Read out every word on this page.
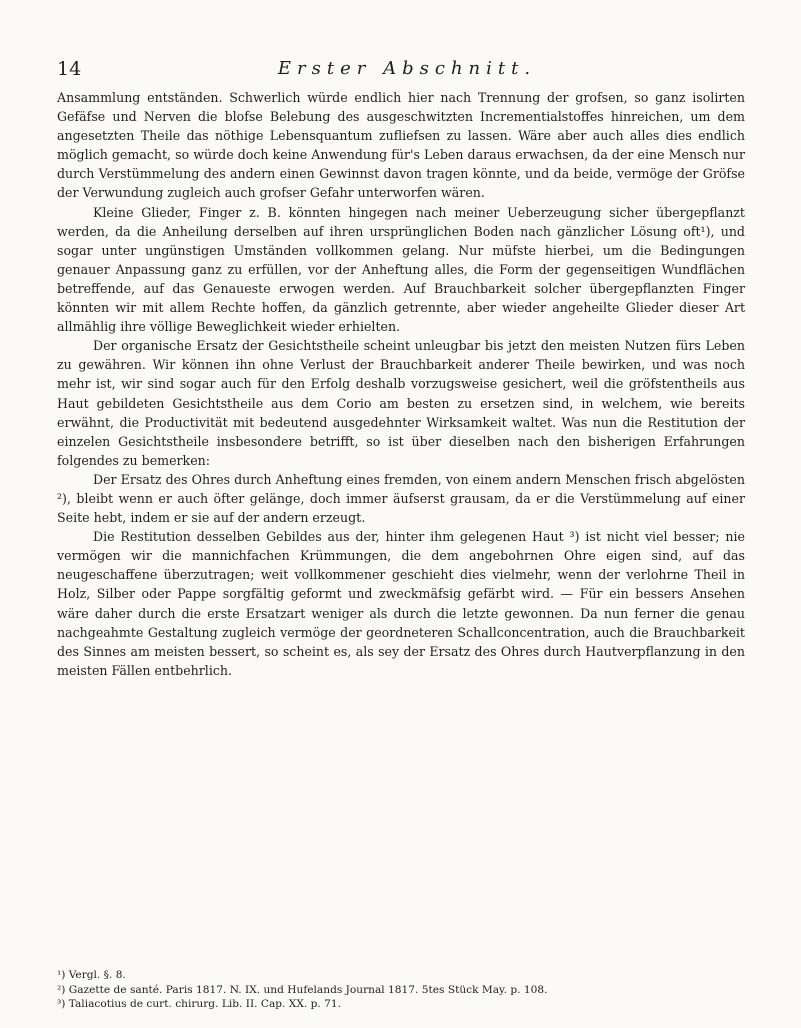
14	Erster Abschnitt.

Ansammlung entständen. Schwerlich würde endlich hier nach Trennung der grofsen, so ganz isolirten Gefäfse und Nerven die blofse Belebung des ausgeschwitzten Incrementialstoffes hinreichen, um dem angesetzten Theile das nöthige Lebensquantum zufliefsen zu lassen. Wäre aber auch alles dies endlich möglich gemacht, so würde doch keine Anwendung für's Leben daraus erwachsen, da der eine Mensch nur durch Verstümmelung des andern einen Gewinnst davon tragen könnte, und da beide, vermöge der Gröfse der Verwundung zugleich auch grofser Gefahr unterworfen wären.

Kleine Glieder, Finger z. B. könnten hingegen nach meiner Ueberzeugung sicher übergepflanzt werden, da die Anheilung derselben auf ihren ursprünglichen Boden nach gänzlicher Lösung oft¹), und sogar unter ungünstigen Umständen vollkommen gelang. Nur müfste hierbei, um die Bedingungen genauer Anpassung ganz zu erfüllen, vor der Anheftung alles, die Form der gegenseitigen Wundflächen betreffende, auf das Genaueste erwogen werden. Auf Brauchbarkeit solcher übergepflanzten Finger könnten wir mit allem Rechte hoffen, da gänzlich getrennte, aber wieder angeheilte Glieder dieser Art allmählig ihre völlige Beweglichkeit wieder erhielten.

Der organische Ersatz der Gesichtstheile scheint unleugbar bis jetzt den meisten Nutzen fürs Leben zu gewähren. Wir können ihn ohne Verlust der Brauchbarkeit anderer Theile bewirken, und was noch mehr ist, wir sind sogar auch für den Erfolg deshalb vorzugsweise gesichert, weil die gröfstentheils aus Haut gebildeten Gesichtstheile aus dem Corio am besten zu ersetzen sind, in welchem, wie bereits erwähnt, die Productivität mit bedeutend ausgedehnter Wirksamkeit waltet. Was nun die Restitution der einzelen Gesichtstheile insbesondere betrifft, so ist über dieselben nach den bisherigen Erfahrungen folgendes zu bemerken:

Der Ersatz des Ohres durch Anheftung eines fremden, von einem andern Menschen frisch abgelösten ²), bleibt wenn er auch öfter gelänge, doch immer äufserst grausam, da er die Verstümmelung auf einer Seite hebt, indem er sie auf der andern erzeugt.

Die Restitution desselben Gebildes aus der, hinter ihm gelegenen Haut ³) ist nicht viel besser; nie vermögen wir die mannichfachen Krümmungen, die dem angebohrnen Ohre eigen sind, auf das neugeschaffene überzutragen; weit vollkommener geschieht dies vielmehr, wenn der verlohrne Theil in Holz, Silber oder Pappe sorgfältig geformt und zweckmäfsig gefärbt wird. — Für ein bessers Ansehen wäre daher durch die erste Ersatzart weniger als durch die letzte gewonnen. Da nun ferner die genau nachgeahmte Gestaltung zugleich vermöge der geordneteren Schallconcentration, auch die Brauchbarkeit des Sinnes am meisten bessert, so scheint es, als sey der Ersatz des Ohres durch Hautverpflanzung in den meisten Fällen entbehrlich.

¹) Vergl. §. 8.
²) Gazette de santé. Paris 1817. N. IX. und Hufelands Journal 1817. 5tes Stück May. p. 108.
³) Taliacotius de curt. chirurg. Lib. II. Cap. XX. p. 71.
